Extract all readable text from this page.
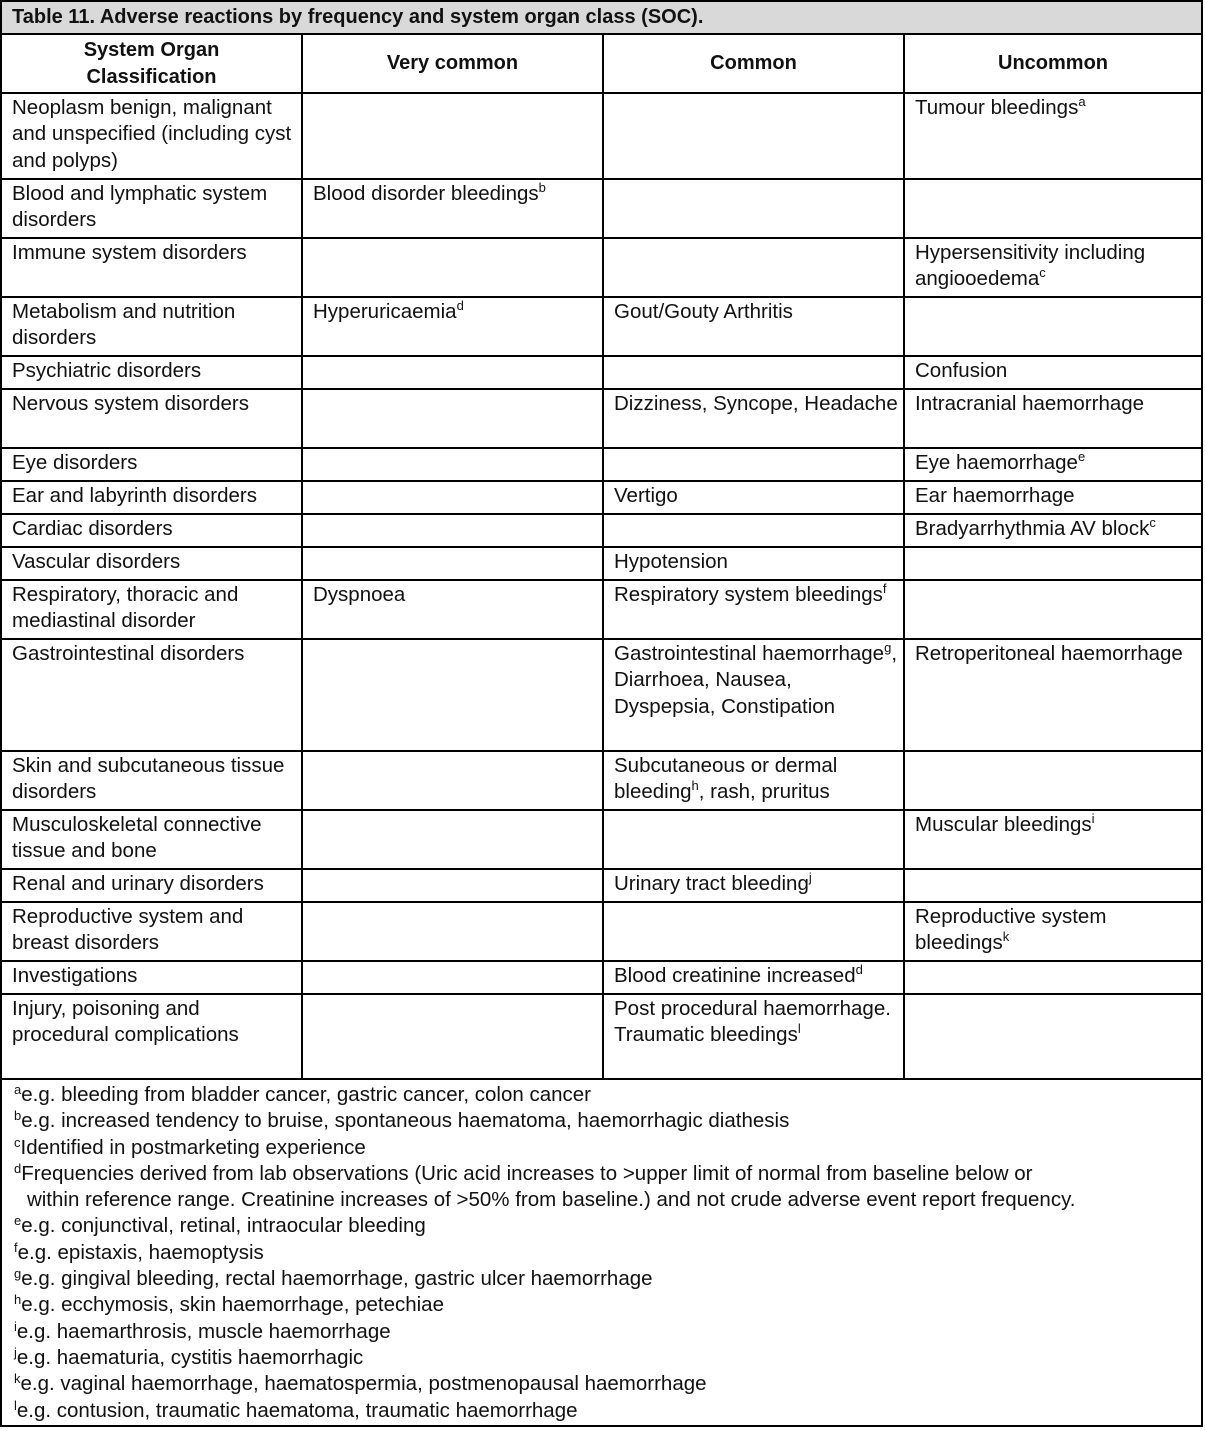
Table 11. Adverse reactions by frequency and system organ class (SOC).
System Organ Classification	Very common	Common	Uncommon
Neoplasm benign, malignant and unspecified (including cyst and polyps)			Tumour bleedings$^a$
Blood and lymphatic system disorders	Blood disorder bleedings$^b$		
Immune system disorders			Hypersensitivity including angiooedema$^c$
Metabolism and nutrition disorders	Hyperuricaemia$^d$	Gout/Gouty Arthritis	
Psychiatric disorders			Confusion
Nervous system disorders		Dizziness, Syncope, Headache	Intracranial haemorrhage
Eye disorders			Eye haemorrhage$^e$
Ear and labyrinth disorders		Vertigo	Ear haemorrhage
Cardiac disorders			Bradyarrhythmia AV block$^c$
Vascular disorders		Hypotension	
Respiratory, thoracic and mediastinal disorder	Dyspnoea	Respiratory system bleedings$^f$	
Gastrointestinal disorders		Gastrointestinal haemorrhage$^g$, Diarrhoea, Nausea, Dyspepsia, Constipation	Retroperitoneal haemorrhage
Skin and subcutaneous tissue disorders		Subcutaneous or dermal bleeding$^h$, rash, pruritus	
Musculoskeletal connective tissue and bone			Muscular bleedings$^i$
Renal and urinary disorders		Urinary tract bleeding$^j$	
Reproductive system and breast disorders			Reproductive system bleedings$^k$
Investigations		Blood creatinine increased$^d$	
Injury, poisoning and procedural complications		Post procedural haemorrhage.
Traumatic bleedings$^l$	
a e.g. bleeding from bladder cancer, gastric cancer, colon cancer
b e.g. increased tendency to bruise, spontaneous haematoma, haemorrhagic diathesis
c Identified in postmarketing experience
d Frequencies derived from lab observations (Uric acid increases to >upper limit of normal from baseline below or
within reference range. Creatinine increases of >50% from baseline.) and not crude adverse event report frequency.
e e.g. conjunctival, retinal, intraocular bleeding
f e.g. epistaxis, haemoptysis
g e.g. gingival bleeding, rectal haemorrhage, gastric ulcer haemorrhage
h e.g. ecchymosis, skin haemorrhage, petechiae
i e.g. haemarthrosis, muscle haemorrhage
j e.g. haematuria, cystitis haemorrhagic
k e.g. vaginal haemorrhage, haematospermia, postmenopausal haemorrhage
l e.g. contusion, traumatic haematoma, traumatic haemorrhage
